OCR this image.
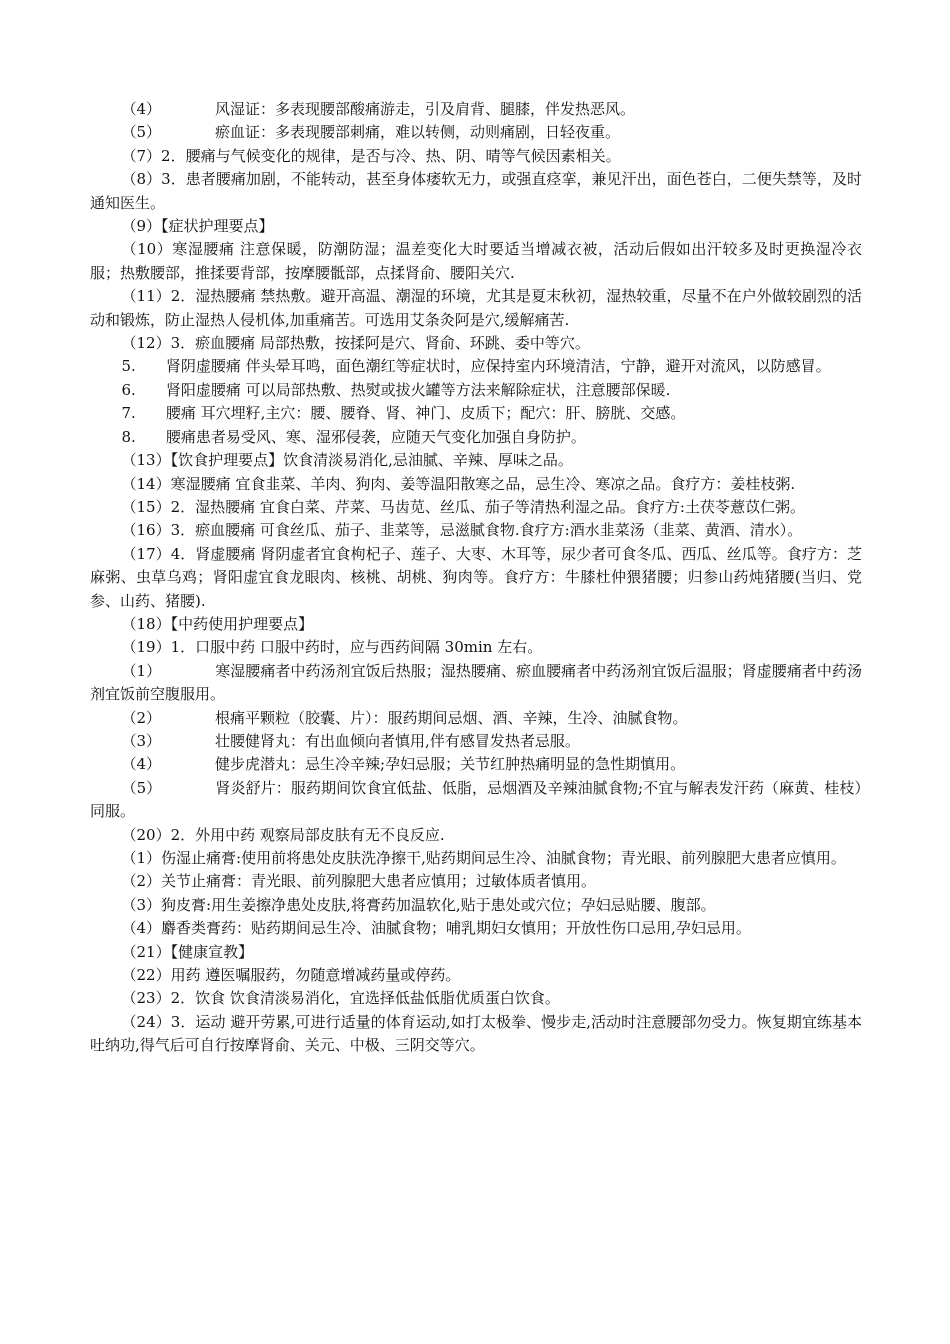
（4）	风湿证：多表现腰部酸痛游走，引及肩背、腿膝，伴发热恶风。

（5）	瘀血证：多表现腰部刺痛，难以转侧，动则痛剧，日轻夜重。

（7）2．腰痛与气候变化的规律，是否与冷、热、阴、晴等气候因素相关。

（8）3．患者腰痛加剧，不能转动，甚至身体痿软无力，或强直痉挛，兼见汗出，面色苍白，二便失禁等，及时通知医生。

（9）【症状护理要点】

（10）寒湿腰痛 注意保暖，防潮防湿；温差变化大时要适当增减衣被，活动后假如出汗较多及时更换湿冷衣服；热敷腰部，推揉要背部，按摩腰骶部，点揉肾俞、腰阳关穴.

（11）2．湿热腰痛 禁热敷。避开高温、潮湿的环境，尤其是夏末秋初，湿热较重，尽量不在户外做较剧烈的活动和锻炼，防止湿热人侵机体,加重痛苦。可选用艾条灸阿是穴,缓解痛苦.

（12）3．瘀血腰痛 局部热敷，按揉阿是穴、肾俞、环跳、委中等穴。

5. 肾阴虚腰痛 伴头晕耳鸣，面色潮红等症状时，应保持室内环境清洁，宁静，避开对流风，以防感冒。

6. 肾阳虚腰痛 可以局部热敷、热熨或拔火罐等方法来解除症状，注意腰部保暖.

7. 腰痛 耳穴埋籽,主穴：腰、腰脊、肾、神门、皮质下；配穴：肝、膀胱、交感。

8. 腰痛患者易受风、寒、湿邪侵袭，应随天气变化加强自身防护。

（13）【饮食护理要点】饮食清淡易消化,忌油腻、辛辣、厚味之品。

（14）寒湿腰痛 宜食韭菜、羊肉、狗肉、姜等温阳散寒之品，忌生冷、寒凉之品。食疗方：姜桂枝粥.

（15）2．湿热腰痛 宜食白菜、芹菜、马齿苋、丝瓜、茄子等清热利湿之品。食疗方:土茯苓薏苡仁粥。

（16）3．瘀血腰痛 可食丝瓜、茄子、韭菜等，忌滋腻食物.食疗方:酒水韭菜汤（韭菜、黄酒、清水）。

（17）4．肾虚腰痛 肾阴虚者宜食枸杞子、莲子、大枣、木耳等，尿少者可食冬瓜、西瓜、丝瓜等。食疗方：芝麻粥、虫草乌鸡；肾阳虚宜食龙眼肉、核桃、胡桃、狗肉等。食疗方：牛膝杜仲猥猪腰；归参山药炖猪腰(当归、党参、山药、猪腰).

（18）【中药使用护理要点】

（19）1．口服中药 口服中药时，应与西药间隔 30min 左右。

（1）	寒湿腰痛者中药汤剂宜饭后热服；湿热腰痛、瘀血腰痛者中药汤剂宜饭后温服；肾虚腰痛者中药汤剂宜饭前空腹服用。

（2）	根痛平颗粒（胶囊、片）：服药期间忌烟、酒、辛辣，生冷、油腻食物。

（3）	壮腰健肾丸：有出血倾向者慎用,伴有感冒发热者忌服。

（4）	健步虎潜丸：忌生冷辛辣;孕妇忌服；关节红肿热痛明显的急性期慎用。

（5）	肾炎舒片：服药期间饮食宜低盐、低脂，忌烟酒及辛辣油腻食物;不宜与解表发汗药（麻黄、桂枝）同服。

（20）2．外用中药 观察局部皮肤有无不良反应.

（1）伤湿止痛膏:使用前将患处皮肤洗净擦干,贴药期间忌生冷、油腻食物；青光眼、前列腺肥大患者应慎用。

（2）关节止痛膏：青光眼、前列腺肥大患者应慎用；过敏体质者慎用。

（3）狗皮膏:用生姜擦净患处皮肤,将膏药加温软化,贴于患处或穴位；孕妇忌贴腰、腹部。

（4）麝香类膏药：贴药期间忌生冷、油腻食物；哺乳期妇女慎用；开放性伤口忌用,孕妇忌用。

（21）【健康宣教】

（22）用药 遵医嘱服药，勿随意增减药量或停药。

（23）2．饮食 饮食清淡易消化，宜选择低盐低脂优质蛋白饮食。

（24）3．运动 避开劳累,可进行适量的体育运动,如打太极拳、慢步走,活动时注意腰部勿受力。恢复期宜练基本吐纳功,得气后可自行按摩肾俞、关元、中极、三阴交等穴。
